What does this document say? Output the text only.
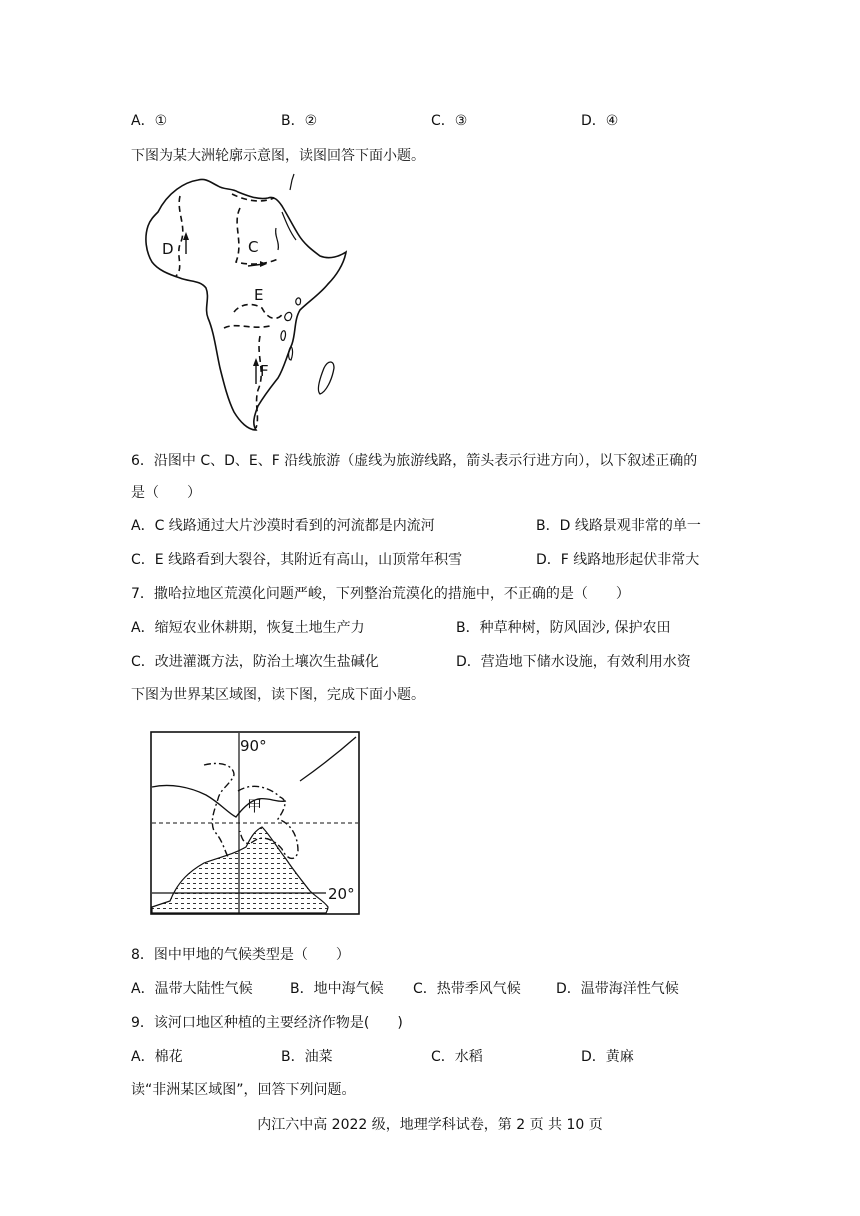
A．①	B．②	C．③	D．④
下图为某大洲轮廓示意图，读图回答下面小题。
D	C
E
F
6．沿图中 C、D、E、F 沿线旅游（虚线为旅游线路，箭头表示行进方向），以下叙述正确的
是（　　）
A．C 线路通过大片沙漠时看到的河流都是内流河	B．D 线路景观非常的单一
C．E 线路看到大裂谷，其附近有高山，山顶常年积雪	D．F 线路地形起伏非常大
7．撒哈拉地区荒漠化问题严峻，下列整治荒漠化的措施中，不正确的是（　　）
A．缩短农业休耕期，恢复土地生产力	B．种草种树，防风固沙, 保护农田
C．改进灌溉方法，防治土壤次生盐碱化	D．营造地下储水设施，有效利用水资
下图为世界某区域图，读下图，完成下面小题。
90°
甲
20°
8．图中甲地的气候类型是（　　）
A．温带大陆性气候	B．地中海气候 C．热带季风气候	D．温带海洋性气候
9．该河口地区种植的主要经济作物是(　　)
A．棉花	B．油菜	C．水稻	D．黄麻
读“非洲某区域图”，回答下列问题。
内江六中高 2022 级，地理学科试卷，第 2 页 共 10 页
